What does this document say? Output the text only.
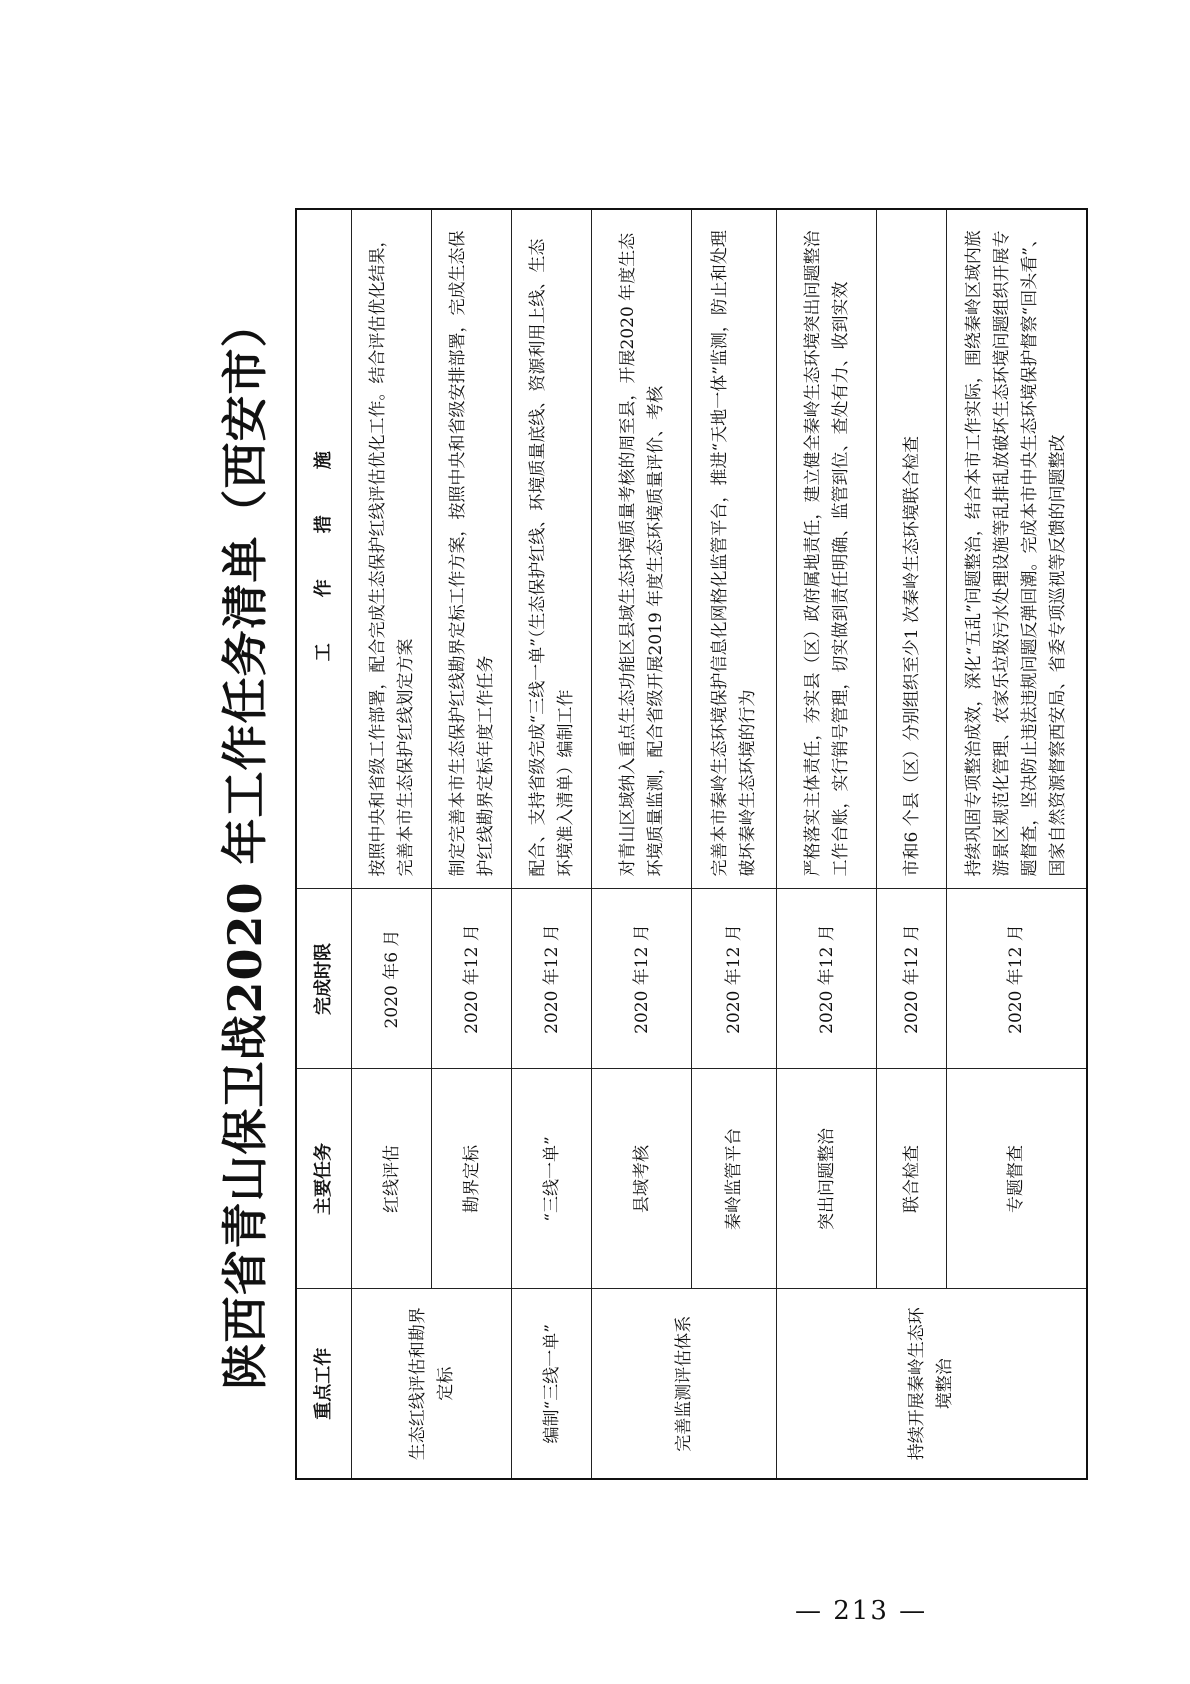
陕西省青山保卫战2020 年工作任务清单（西安市） 重点工作	主要任务	完成时限	工　作　措　施
生态红线评估和勘界定标	红线评估	2020 年6 月	按照中央和省级工作部署，配合完成生态保护红线评估优化工作。结合评估优化结果，完善本市生态保护红线划定方案
	勘界定标	2020 年12 月	制定完善本市生态保护红线勘界定标工作方案，按照中央和省级安排部署，完成生态保护红线勘界定标年度工作任务
编制“三线一单”	“三线一单”	2020 年12 月	配合、支持省级完成“三线一单”（生态保护红线、环境质量底线、资源利用上线、生态环境准入清单）编制工作
完善监测评估体系	县域考核	2020 年12 月	对青山区域纳入重点生态功能区县域生态环境质量考核的周至县，开展2020 年度生态环境质量监测，配合省级开展2019 年度生态环境质量评价、考核
	秦岭监管平台	2020 年12 月	完善本市秦岭生态环境保护信息化网格化监管平台，推进“天地一体”监测，防止和处理破坏秦岭生态环境的行为
持续开展秦岭生态环境整治	突出问题整治	2020 年12 月	严格落实主体责任，夯实县（区）政府属地责任，建立健全秦岭生态环境突出问题整治工作台账，实行销号管理，切实做到责任明确、监管到位、查处有力、收到实效
	联合检查	2020 年12 月	市和6 个县（区）分别组织至少1 次秦岭生态环境联合检查
	专题督查	2020 年12 月	持续巩固专项整治成效，深化“五乱”问题整治，结合本市工作实际，围绕秦岭区域内旅游景区规范化管理、农家乐垃圾污水处理设施等乱排乱放破坏生态环境问题组织开展专题督查，坚决防止违法违规问题反弹回潮。完成本市中央生态环境保护督察“回头看”、国家自然资源督察西安局、省委专项巡视等反馈的问题整改
— 213 —
